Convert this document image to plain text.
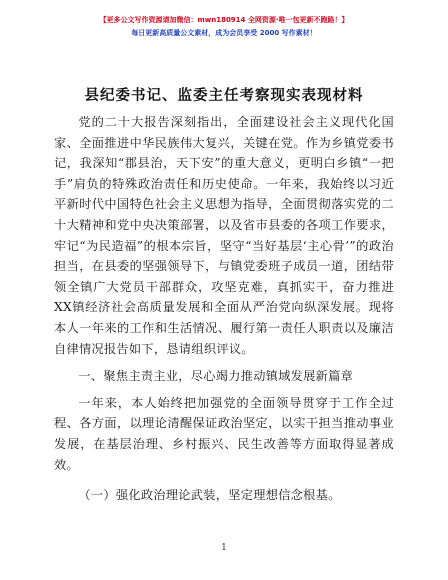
【更多公文写作资源请加微信：mwn180914 全网资源·唯一包更新不跑路！】
每日更新高质量公文素材，成为会员享受 2000 写作素材！
县纪委书记、监委主任考察现实表现材料

党的二十大报告深刻指出，全面建设社会主义现代化国家、全面推进中华民族伟大复兴，关键在党。作为乡镇党委书记，我深知“郡县治，天下安”的重大意义，更明白乡镇“一把手”肩负的特殊政治责任和历史使命。一年来，我始终以习近平新时代中国特色社会主义思想为指导，全面贯彻落实党的二十大精神和党中央决策部署，以及省市县委的各项工作要求，牢记“为民造福”的根本宗旨，坚守“当好基层‘主心骨’”的政治担当，在县委的坚强领导下，与镇党委班子成员一道，团结带领全镇广大党员干部群众，攻坚克难，真抓实干，奋力推进XX镇经济社会高质量发展和全面从严治党向纵深发展。现将本人一年来的工作和生活情况、履行第一责任人职责以及廉洁自律情况报告如下，恳请组织评议。

一、聚焦主责主业，尽心竭力推动镇域发展新篇章

一年来，本人始终把加强党的全面领导贯穿于工作全过程、各方面，以理论清醒保证政治坚定，以实干担当推动事业发展，在基层治理、乡村振兴、民生改善等方面取得显著成效。

（一）强化政治理论武装，坚定理想信念根基。

1
